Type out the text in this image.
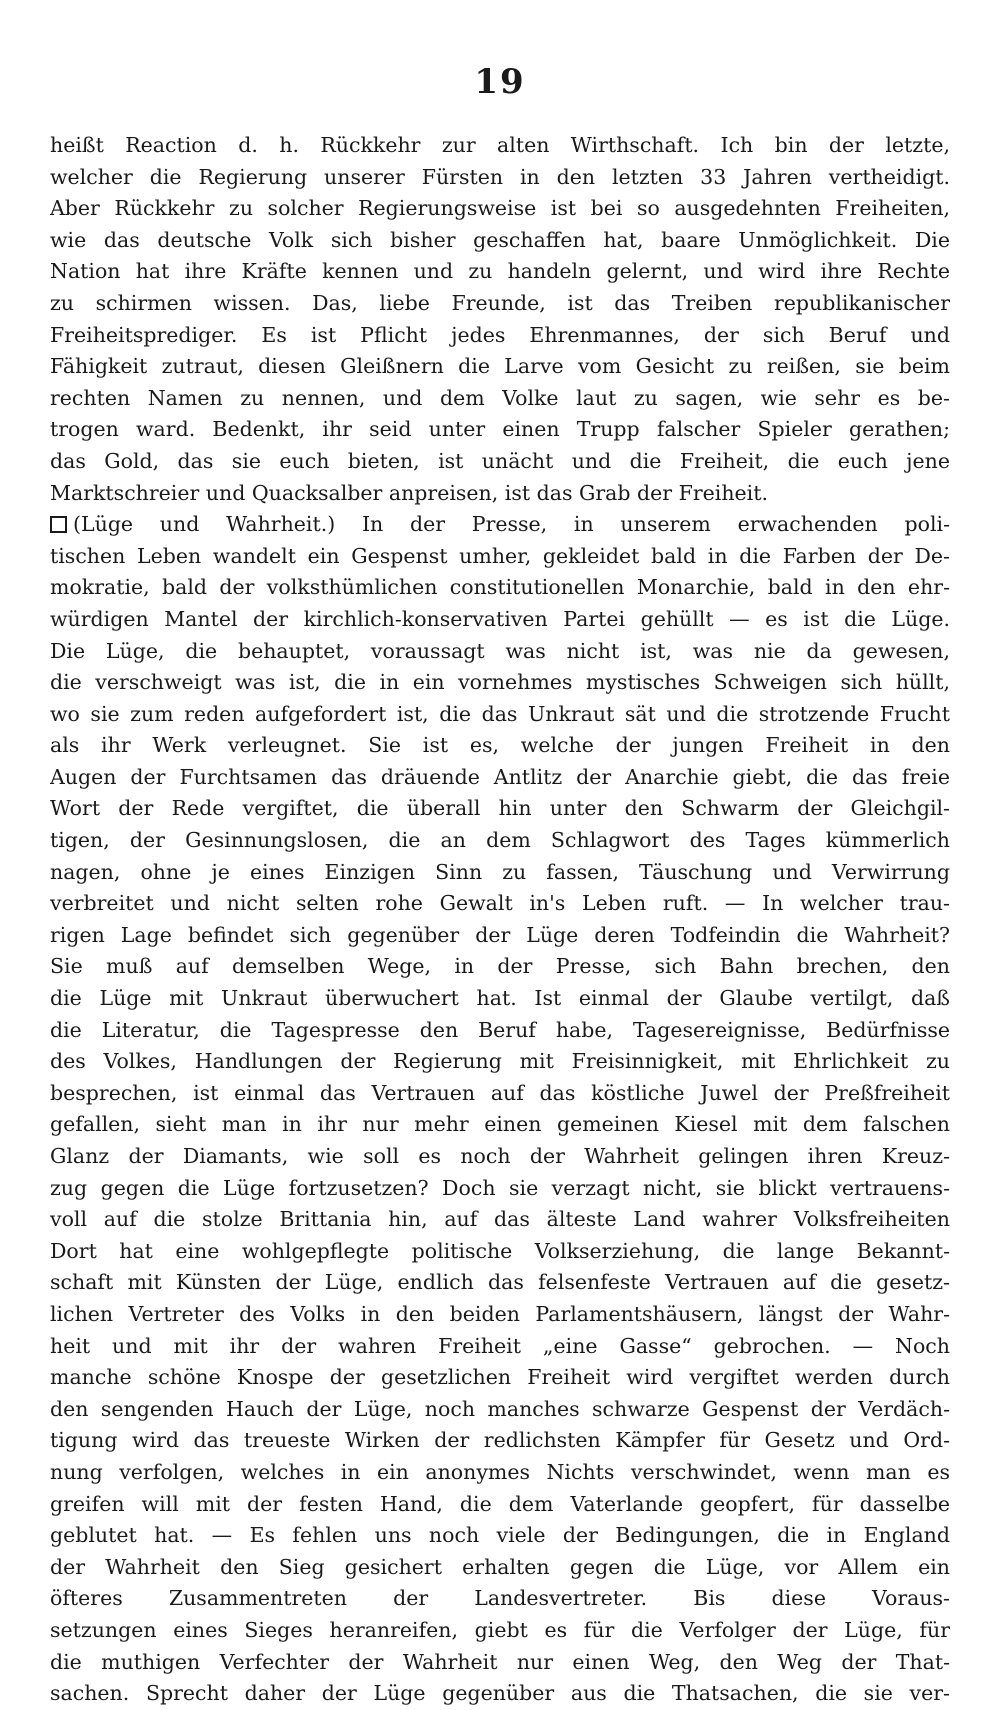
19
heißt Reaction d. h. Rückkehr zur alten Wirthschaft. Ich bin der letzte,
welcher die Regierung unserer Fürsten in den letzten 33 Jahren vertheidigt.
Aber Rückkehr zu solcher Regierungsweise ist bei so ausgedehnten Freiheiten,
wie das deutsche Volk sich bisher geschaffen hat, baare Unmöglichkeit. Die
Nation hat ihre Kräfte kennen und zu handeln gelernt, und wird ihre Rechte
zu schirmen wissen. Das, liebe Freunde, ist das Treiben republikanischer
Freiheitsprediger. Es ist Pflicht jedes Ehrenmannes, der sich Beruf und
Fähigkeit zutraut, diesen Gleißnern die Larve vom Gesicht zu reißen, sie beim
rechten Namen zu nennen, und dem Volke laut zu sagen, wie sehr es be-
trogen ward. Bedenkt, ihr seid unter einen Trupp falscher Spieler gerathen;
das Gold, das sie euch bieten, ist unächt und die Freiheit, die euch jene
Marktschreier und Quacksalber anpreisen, ist das Grab der Freiheit.
(Lüge und Wahrheit.) In der Presse, in unserem erwachenden poli-
tischen Leben wandelt ein Gespenst umher, gekleidet bald in die Farben der De-
mokratie, bald der volksthümlichen constitutionellen Monarchie, bald in den ehr-
würdigen Mantel der kirchlich-konservativen Partei gehüllt — es ist die Lüge.
Die Lüge, die behauptet, voraussagt was nicht ist, was nie da gewesen,
die verschweigt was ist, die in ein vornehmes mystisches Schweigen sich hüllt,
wo sie zum reden aufgefordert ist, die das Unkraut sät und die strotzende Frucht
als ihr Werk verleugnet. Sie ist es, welche der jungen Freiheit in den
Augen der Furchtsamen das dräuende Antlitz der Anarchie giebt, die das freie
Wort der Rede vergiftet, die überall hin unter den Schwarm der Gleichgil-
tigen, der Gesinnungslosen, die an dem Schlagwort des Tages kümmerlich
nagen, ohne je eines Einzigen Sinn zu fassen, Täuschung und Verwirrung
verbreitet und nicht selten rohe Gewalt in's Leben ruft. — In welcher trau-
rigen Lage befindet sich gegenüber der Lüge deren Todfeindin die Wahrheit?
Sie muß auf demselben Wege, in der Presse, sich Bahn brechen, den
die Lüge mit Unkraut überwuchert hat. Ist einmal der Glaube vertilgt, daß
die Literatur, die Tagespresse den Beruf habe, Tagesereignisse, Bedürfnisse
des Volkes, Handlungen der Regierung mit Freisinnigkeit, mit Ehrlichkeit zu
besprechen, ist einmal das Vertrauen auf das köstliche Juwel der Preßfreiheit
gefallen, sieht man in ihr nur mehr einen gemeinen Kiesel mit dem falschen
Glanz der Diamants, wie soll es noch der Wahrheit gelingen ihren Kreuz-
zug gegen die Lüge fortzusetzen? Doch sie verzagt nicht, sie blickt vertrauens-
voll auf die stolze Brittania hin, auf das älteste Land wahrer Volksfreiheiten
Dort hat eine wohlgepflegte politische Volkserziehung, die lange Bekannt-
schaft mit Künsten der Lüge, endlich das felsenfeste Vertrauen auf die gesetz-
lichen Vertreter des Volks in den beiden Parlamentshäusern, längst der Wahr-
heit und mit ihr der wahren Freiheit „eine Gasse“ gebrochen. — Noch
manche schöne Knospe der gesetzlichen Freiheit wird vergiftet werden durch
den sengenden Hauch der Lüge, noch manches schwarze Gespenst der Verdäch-
tigung wird das treueste Wirken der redlichsten Kämpfer für Gesetz und Ord-
nung verfolgen, welches in ein anonymes Nichts verschwindet, wenn man es
greifen will mit der festen Hand, die dem Vaterlande geopfert, für dasselbe
geblutet hat. — Es fehlen uns noch viele der Bedingungen, die in England
der Wahrheit den Sieg gesichert erhalten gegen die Lüge, vor Allem ein
öfteres Zusammentreten der Landesvertreter. Bis diese Voraus-
setzungen eines Sieges heranreifen, giebt es für die Verfolger der Lüge, für
die muthigen Verfechter der Wahrheit nur einen Weg, den Weg der That-
sachen. Sprecht daher der Lüge gegenüber aus die Thatsachen, die sie ver-
